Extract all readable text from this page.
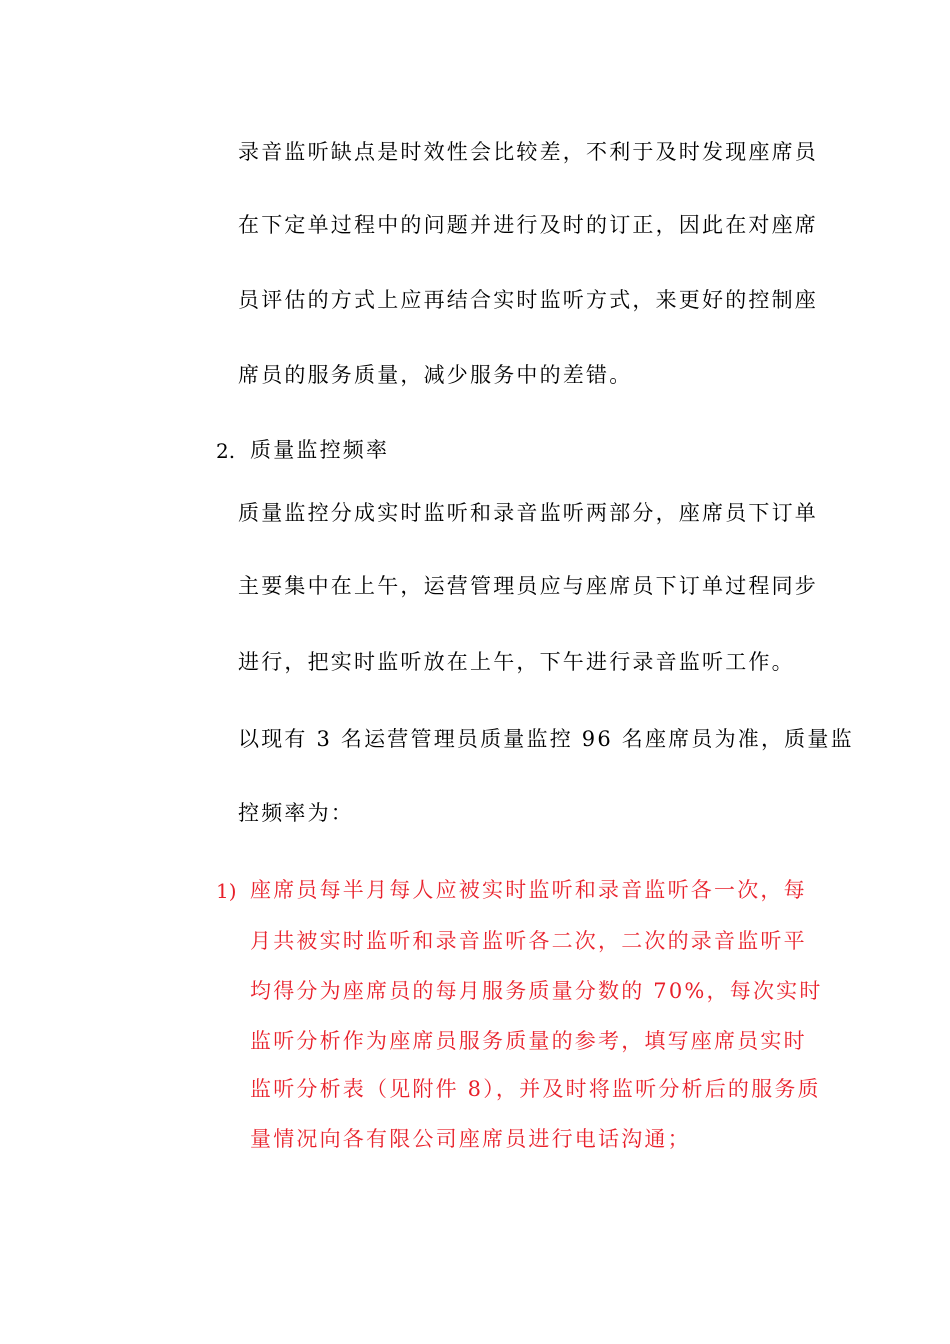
录音监听缺点是时效性会比较差，不利于及时发现座席员
在下定单过程中的问题并进行及时的订正，因此在对座席
员评估的方式上应再结合实时监听方式，来更好的控制座
席员的服务质量，减少服务中的差错。
2. 质量监控频率
质量监控分成实时监听和录音监听两部分，座席员下订单
主要集中在上午，运营管理员应与座席员下订单过程同步
进行，把实时监听放在上午，下午进行录音监听工作。
以现有 3 名运营管理员质量监控 96 名座席员为准，质量监
控频率为：
1) 座席员每半月每人应被实时监听和录音监听各一次，每
月共被实时监听和录音监听各二次，二次的录音监听平
均得分为座席员的每月服务质量分数的 70%，每次实时
监听分析作为座席员服务质量的参考，填写座席员实时
监听分析表（见附件 8），并及时将监听分析后的服务质
量情况向各有限公司座席员进行电话沟通；
